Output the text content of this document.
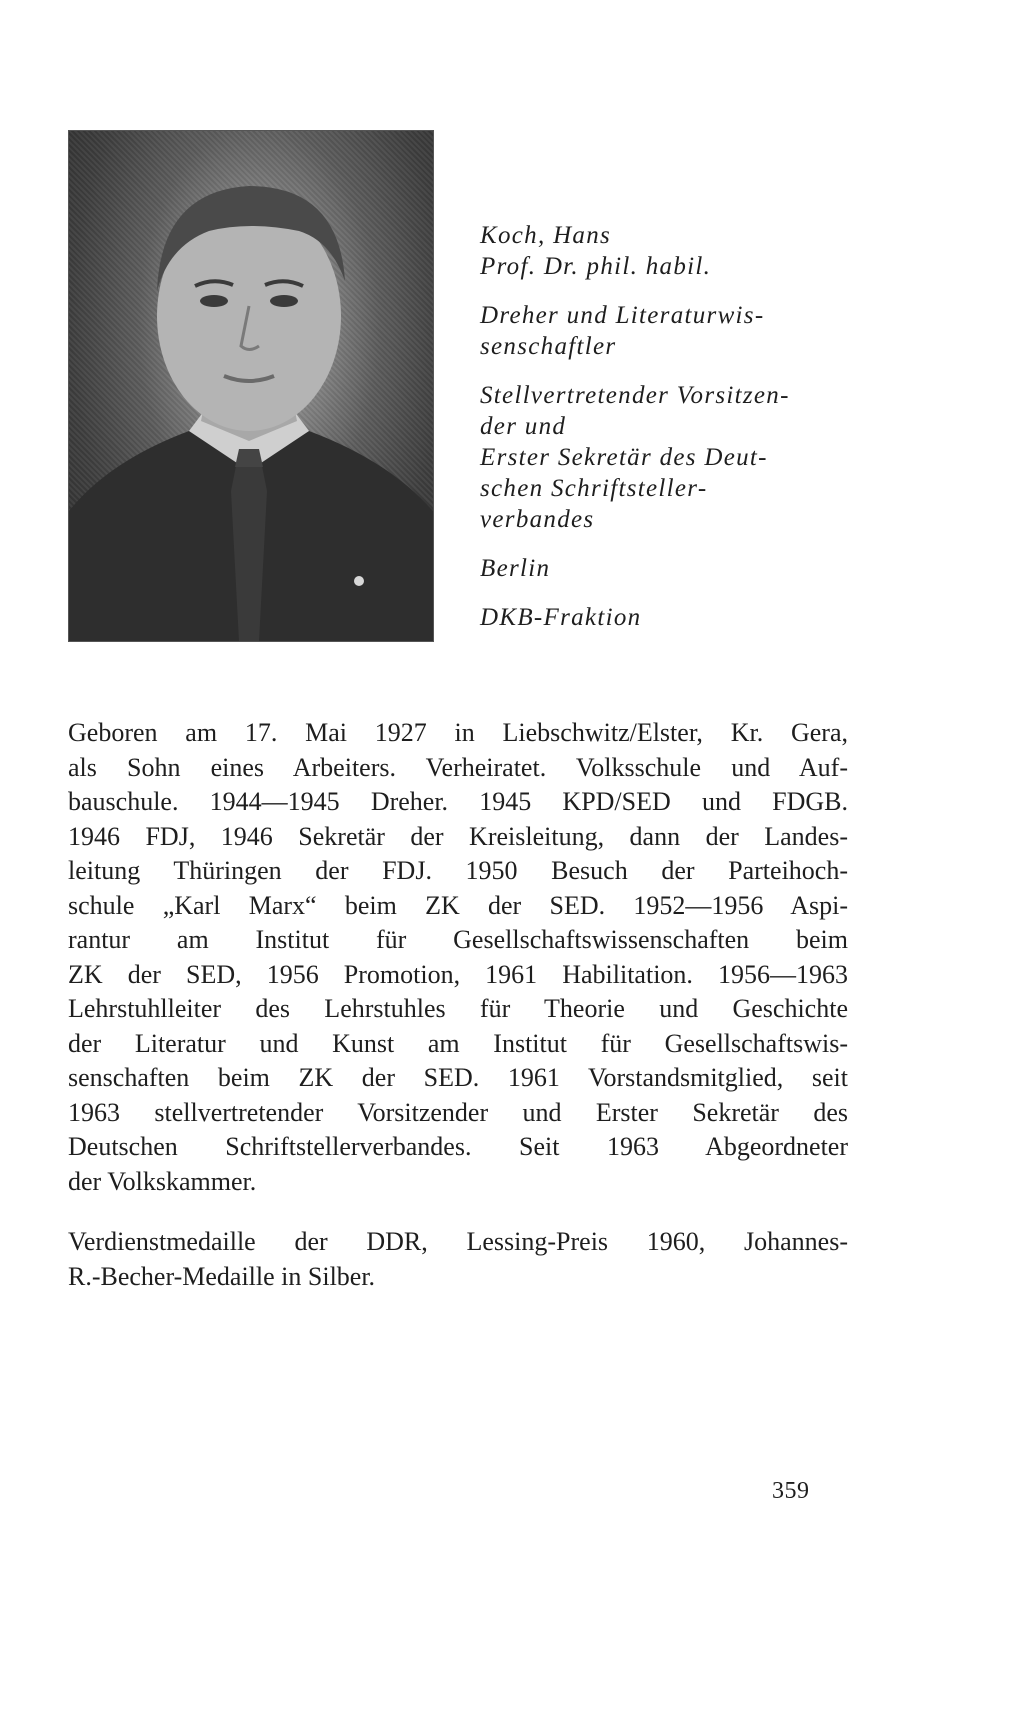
Koch, Hans
Prof. Dr. phil. habil.
Dreher und Literaturwis-
senschaftler
Stellvertretender Vorsitzen-
der und
Erster Sekretär des Deut-
schen Schriftsteller-
verbandes
Berlin
DKB-Fraktion
Geboren am 17. Mai 1927 in Liebschwitz/Elster, Kr. Gera,
als Sohn eines Arbeiters. Verheiratet. Volksschule und Auf-
bauschule. 1944—1945 Dreher. 1945 KPD/SED und FDGB.
1946 FDJ, 1946 Sekretär der Kreisleitung, dann der Landes-
leitung Thüringen der FDJ. 1950 Besuch der Parteihoch-
schule „Karl Marx“ beim ZK der SED. 1952—1956 Aspi-
rantur am Institut für Gesellschaftswissenschaften beim
ZK der SED, 1956 Promotion, 1961 Habilitation. 1956—1963
Lehrstuhlleiter des Lehrstuhles für Theorie und Geschichte
der Literatur und Kunst am Institut für Gesellschaftswis-
senschaften beim ZK der SED. 1961 Vorstandsmitglied, seit
1963 stellvertretender Vorsitzender und Erster Sekretär des
Deutschen Schriftstellerverbandes. Seit 1963 Abgeordneter
der Volkskammer.
Verdienstmedaille der DDR, Lessing-Preis 1960, Johannes-
R.-Becher-Medaille in Silber.
359
